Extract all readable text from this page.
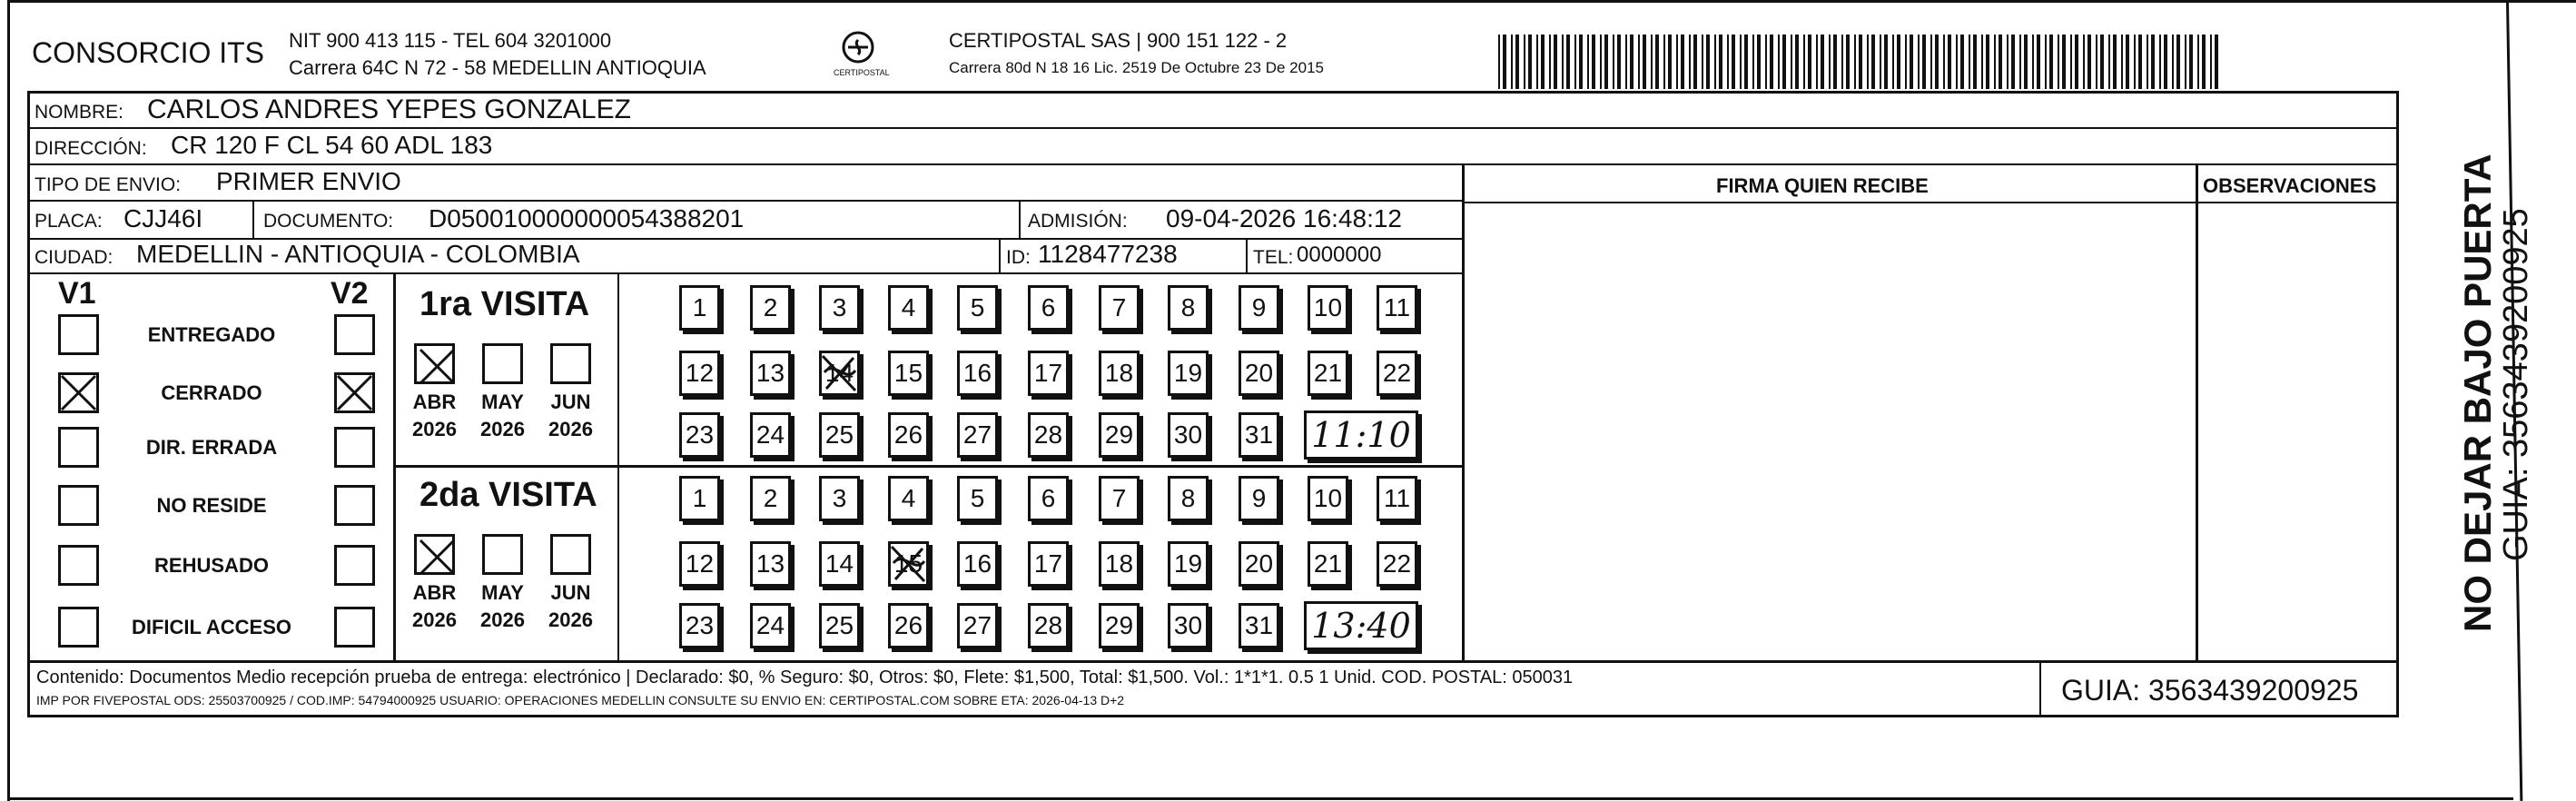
CONSORCIO ITS NIT 900 413 115 - TEL 604 3201000
Carrera 64C N 72 - 58 MEDELLIN ANTIOQUIA	CERTIPOSTAL
CERTIPOSTAL SAS | 900 151 122 - 2
Carrera 80d N 18 16 Lic. 2519 De Octubre 23 De 2015
NOMBRE: CARLOS ANDRES YEPES GONZALEZ
DIRECCIÓN: CR 120 F CL 54 60 ADL 183
TIPO DE ENVIO: PRIMER ENVIO
PLACA: CJJ46I	DOCUMENTO: D050010000000054388201	ADMISIÓN: 09-04-2026 16:48:12
CIUDAD: MEDELLIN - ANTIOQUIA - COLOMBIA	ID: 1128477238	TEL: 0000000
FIRMA QUIEN RECIBE	OBSERVACIONES
V1	V2
ENTREGADO
CERRADO
DIR. ERRADA
NO RESIDE
REHUSADO
DIFICIL ACCESO
1ra VISITA
ABR
2026
MAY
2026
JUN
2026
1	2	3	4	5	6	7	8	9	10 11
12 13 14 15 16 17 18 19 20 21 22
23 24 25 26 27 28 29 30 31 11:10
2da VISITA
ABR
2026
MAY
2026
JUN
2026
1	2	3	4	5	6	7	8	9	10 11
12 13 14 15 16 17 18 19 20 21 22
23 24 25 26 27 28 29 30 31 13:40
Contenido: Documentos Medio recepción prueba de entrega: electrónico | Declarado: $0, % Seguro: $0, Otros: $0, Flete: $1,500, Total: $1,500. Vol.: 1*1*1. 0.5 1 Unid. COD. POSTAL: 050031
IMP POR FIVEPOSTAL ODS: 25503700925 / COD.IMP: 54794000925 USUARIO: OPERACIONES MEDELLIN CONSULTE SU ENVIO EN: CERTIPOSTAL.COM SOBRE ETA: 2026-04-13 D+2	GUIA: 3563439200925
NO DEJAR BAJO PUERTA
GUIA: 3563439200925
